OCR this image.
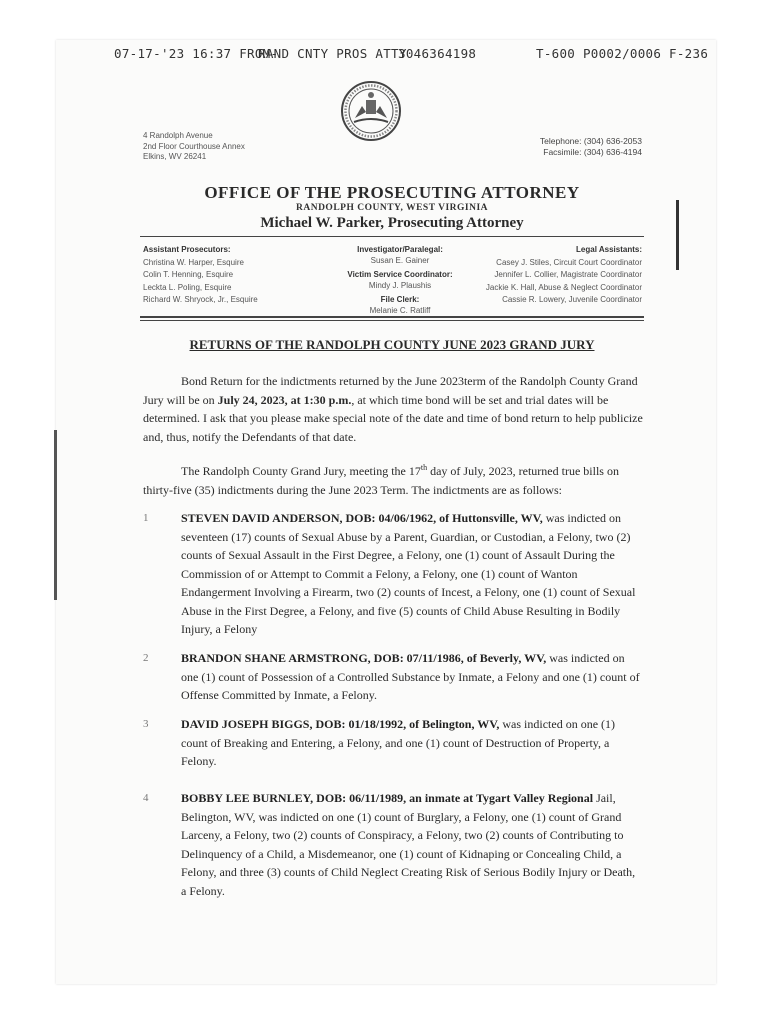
07-17-'23 16:37 FROM-
RAND CNTY PROS ATTY
3046364198	T-600 P0002/0006 F-236
4 Randolph Avenue
2nd Floor Courthouse Annex
Elkins, WV 26241
Telephone: (304) 636-2053
Facsimile: (304) 636-4194
OFFICE OF THE PROSECUTING ATTORNEY
RANDOLPH COUNTY, WEST VIRGINIA
Michael W. Parker, Prosecuting Attorney
Assistant Prosecutors:
Christina W. Harper, Esquire
Colin T. Henning, Esquire
Leckta L. Poling, Esquire
Richard W. Shryock, Jr., Esquire
Investigator/Paralegal:
Susan E. Gainer
Victim Service Coordinator:
Mindy J. Plaushis
File Clerk:
Melanie C. Ratliff
Legal Assistants:
Casey J. Stiles, Circuit Court Coordinator
Jennifer L. Collier, Magistrate Coordinator
Jackie K. Hall, Abuse & Neglect Coordinator
Cassie R. Lowery, Juvenile Coordinator
RETURNS OF THE RANDOLPH COUNTY JUNE 2023 GRAND JURY

Bond Return for the indictments returned by the June 2023term of the Randolph County Grand Jury will be on July 24, 2023, at 1:30 p.m., at which time bond will be set and trial dates will be determined. I ask that you please make special note of the date and time of bond return to help publicize and, thus, notify the Defendants of that date.

The Randolph County Grand Jury, meeting the 17th day of July, 2023, returned true bills on thirty-five (35) indictments during the June 2023 Term. The indictments are as follows:

1	STEVEN DAVID ANDERSON, DOB: 04/06/1962, of Huttonsville, WV, was indicted on seventeen (17) counts of Sexual Abuse by a Parent, Guardian, or Custodian, a Felony, two (2) counts of Sexual Assault in the First Degree, a Felony, one (1) count of Assault During the Commission of or Attempt to Commit a Felony, a Felony, one (1) count of Wanton Endangerment Involving a Firearm, two (2) counts of Incest, a Felony, one (1) count of Sexual Abuse in the First Degree, a Felony, and five (5) counts of Child Abuse Resulting in Bodily Injury, a Felony
2	BRANDON SHANE ARMSTRONG, DOB: 07/11/1986, of Beverly, WV, was indicted on one (1) count of Possession of a Controlled Substance by Inmate, a Felony and one (1) count of Offense Committed by Inmate, a Felony.
3	DAVID JOSEPH BIGGS, DOB: 01/18/1992, of Belington, WV, was indicted on one (1) count of Breaking and Entering, a Felony, and one (1) count of Destruction of Property, a Felony.
4	BOBBY LEE BURNLEY, DOB: 06/11/1989, an inmate at Tygart Valley Regional Jail, Belington, WV, was indicted on one (1) count of Burglary, a Felony, one (1) count of Grand Larceny, a Felony, two (2) counts of Conspiracy, a Felony, two (2) counts of Contributing to Delinquency of a Child, a Misdemeanor, one (1) count of Kidnaping or Concealing Child, a Felony, and three (3) counts of Child Neglect Creating Risk of Serious Bodily Injury or Death, a Felony.
